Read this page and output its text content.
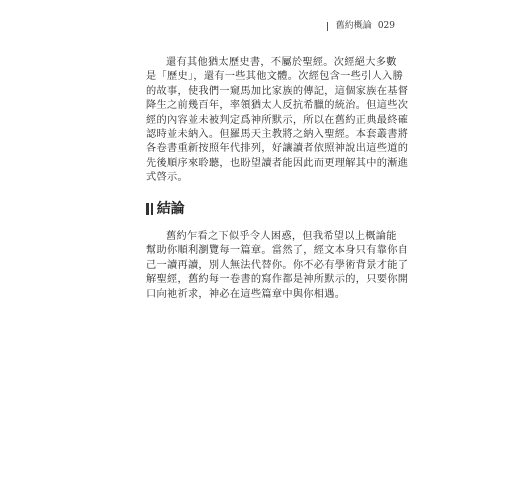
舊約概論 029
還有其他猶太歷史書，不屬於聖經。次經絕大多數
是「歷史」，還有一些其他文體。次經包含一些引人入勝
的故事，使我們一窺馬加比家族的傳記，這個家族在基督
降生之前幾百年，率領猶太人反抗希臘的統治。但這些次
經的內容並未被判定爲神所默示，所以在舊約正典最終確
認時並未納入。但羅馬天主教將之納入聖經。本套叢書將
各卷書重新按照年代排列，好讓讀者依照神說出這些道的
先後順序來聆聽，也盼望讀者能因此而更理解其中的漸進
式啓示。
結論
舊約乍看之下似乎令人困惑，但我希望以上概論能
幫助你順利瀏覽每一篇章。當然了，經文本身只有靠你自
己一讀再讀，別人無法代替你。你不必有學術背景才能了
解聖經，舊約每一卷書的寫作都是神所默示的，只要你開
口向祂祈求，神必在這些篇章中與你相遇。
